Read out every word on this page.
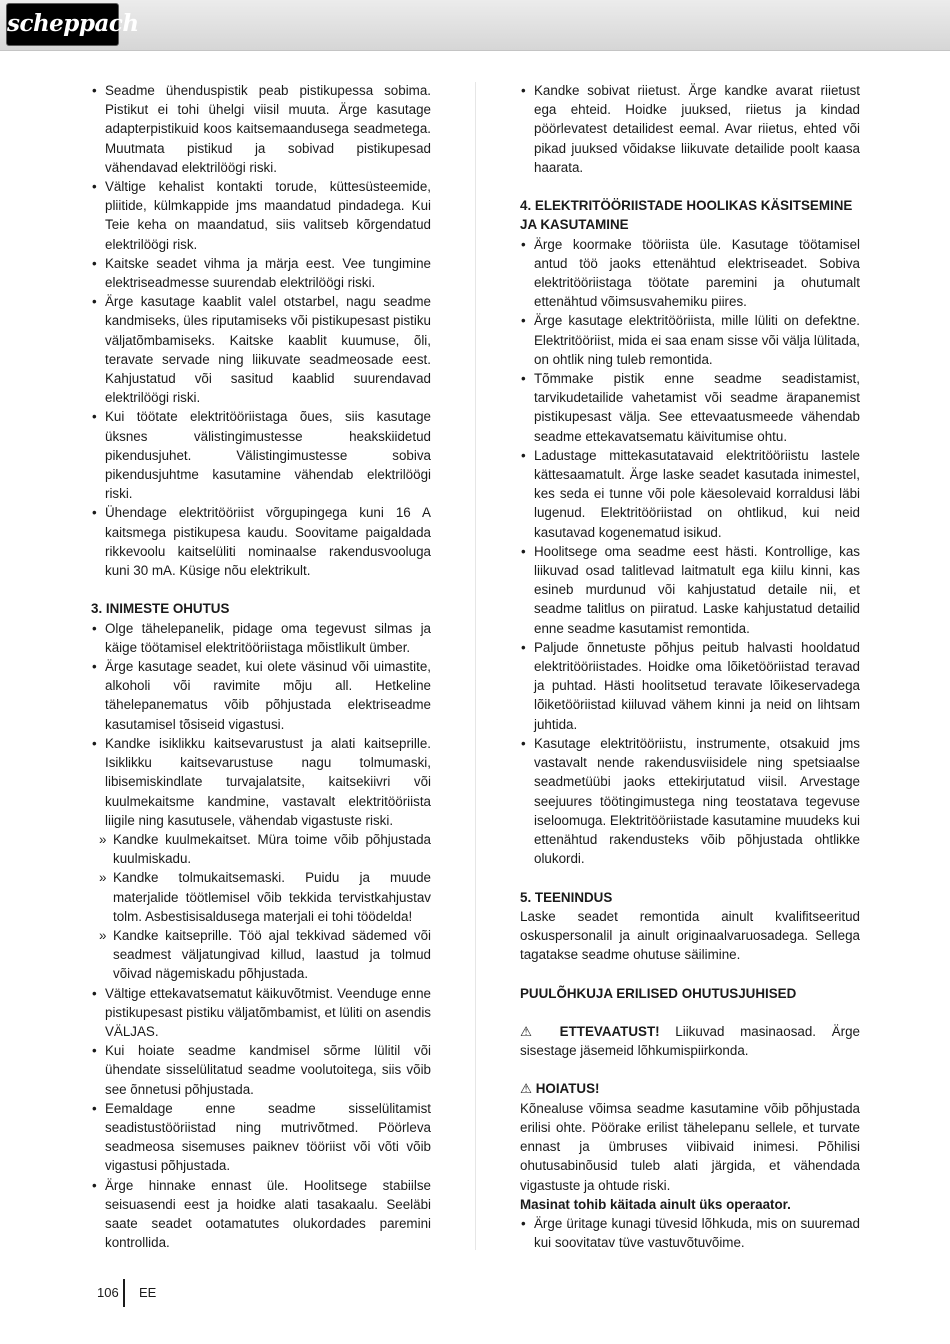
scheppach
• Seadme ühenduspistik peab pistikupessa sobima. Pistikut ei tohi ühelgi viisil muuta. Ärge kasutage adapterpistikuid koos kaitsemaandusega seadmetega. Muutmata pistikud ja sobivad pistikupesad vähendavad elektrilöögi riski.
• Vältige kehalist kontakti torude, küttesüsteemide, pliitide, külmkappide jms maandatud pindadega. Kui Teie keha on maandatud, siis valitseb kõrgendatud elektrilöögi risk.
• Kaitske seadet vihma ja märja eest. Vee tungimine elektriseadmesse suurendab elektrilöögi riski.
• Ärge kasutage kaablit valel otstarbel, nagu seadme kandmiseks, üles riputamiseks või pistikupesast pistiku väljatõmbamiseks. Kaitske kaablit kuumuse, õli, teravate servade ning liikuvate seadmeosade eest. Kahjustatud või sasitud kaablid suurendavad elektrilöögi riski.
• Kui töötate elektritööriistaga õues, siis kasutage üksnes välistingimustesse heakskiidetud pikendusjuhet. Välistingimustesse sobiva pikendusjuhtme kasutamine vähendab elektrilöögi riski.
• Ühendage elektritööriist võrgupingega kuni 16 A kaitsmega pistikupesa kaudu. Soovitame paigaldada rikkevoolu kaitselüliti nominaalse rakendusvooluga kuni 30 mA. Küsige nõu elektrikult.
3. INIMESTE OHUTUS
• Olge tähelepanelik, pidage oma tegevust silmas ja käige töötamisel elektritööriistaga mõistlikult ümber.
• Ärge kasutage seadet, kui olete väsinud või uimastite, alkoholi või ravimite mõju all. Hetkeline tähelepanematus võib põhjustada elektriseadme kasutamisel tõsiseid vigastusi.
• Kandke isiklikku kaitsevarustust ja alati kaitseprille. Isiklikku kaitsevarustuse nagu tolmumaski, libisemiskindlate turvajalatsite, kaitsekiivri või kuulmekaitsme kandmine, vastavalt elektritööriista liigile ning kasutusele, vähendab vigastuste riski.
» Kandke kuulmekaitset. Müra toime võib põhjustada kuulmiskadu.
» Kandke tolmukaitsemaski. Puidu ja muude materjalide töötlemisel võib tekkida tervistkahjustav tolm. Asbestisisaldusega materjali ei tohi töödelda!
» Kandke kaitseprille. Töö ajal tekkivad sädemed või seadmest väljatungivad killud, laastud ja tolmud võivad nägemiskadu põhjustada.
• Vältige ettekavatsematut käikuvõtmist. Veenduge enne pistikupesast pistiku väljatõmbamist, et lüliti on asendis VÄLJAS.
• Kui hoiate seadme kandmisel sõrme lülitil või ühendate sisselülitatud seadme voolutoitega, siis võib see õnnetusi põhjustada.
• Eemaldage enne seadme sisselülitamist seadistustööriistad ning mutrivõtmed. Pöörleva seadmeosa sisemuses paiknev tööriist või võti võib vigastusi põhjustada.
• Ärge hinnake ennast üle. Hoolitsege stabiilse seisuasendi eest ja hoidke alati tasakaalu. Seeläbi saate seadet ootamatutes olukordades paremini kontrollida.
• Kandke sobivat riietust. Ärge kandke avarat riietust ega ehteid. Hoidke juuksed, riietus ja kindad pöörlevatest detailidest eemal. Avar riietus, ehted või pikad juuksed võidakse liikuvate detailide poolt kaasa haarata.
4. ELEKTRITÖÖRIISTADE HOOLIKAS KÄSITSEMINE JA KASUTAMINE
• Ärge koormake tööriista üle. Kasutage töötamisel antud töö jaoks ettenähtud elektriseadet. Sobiva elektritööriistaga töötate paremini ja ohutumalt ettenähtud võimsusvahemiku piires.
• Ärge kasutage elektritööriista, mille lüliti on defektne. Elektritööriist, mida ei saa enam sisse või välja lülitada, on ohtlik ning tuleb remontida.
• Tõmmake pistik enne seadme seadistamist, tarvikudetailide vahetamist või seadme ärapanemist pistikupesast välja. See ettevaatusmeede vähendab seadme ettekavatsematu käivitumise ohtu.
• Ladustage mittekasutatavaid elektritööriistu lastele kättesaamatult. Ärge laske seadet kasutada inimestel, kes seda ei tunne või pole käesolevaid korraldusi läbi lugenud. Elektritööriistad on ohtlikud, kui neid kasutavad kogenematud isikud.
• Hoolitsege oma seadme eest hästi. Kontrollige, kas liikuvad osad talitlevad laitmatult ega kiilu kinni, kas esineb murdunud või kahjustatud detaile nii, et seadme talitlus on piiratud. Laske kahjustatud detailid enne seadme kasutamist remontida.
• Paljude õnnetuste põhjus peitub halvasti hooldatud elektritööriistades. Hoidke oma lõiketööriistad teravad ja puhtad. Hästi hoolitsetud teravate lõikeservadega lõiketööriistad kiiluvad vähem kinni ja neid on lihtsam juhtida.
• Kasutage elektritööriistu, instrumente, otsakuid jms vastavalt nende rakendusviisidele ning spetsiaalse seadmetüübi jaoks ettekirjutatud viisil. Arvestage seejuures töötingimustega ning teostatava tegevuse iseloomuga. Elektritööriistade kasutamine muudeks kui ettenähtud rakendusteks võib põhjustada ohtlikke olukordi.
5. TEENINDUS
Laske seadet remontida ainult kvalifitseeritud oskuspersonalil ja ainult originaalvaruosadega. Sellega tagatakse seadme ohutuse säilimine.
PUULÕHKUJA ERILISED OHUTUSJUHISED
⚠ ETTEVAATUST! Liikuvad masinaosad. Ärge sisestage jäsemeid lõhkumispiirkonda.
⚠ HOIATUS!
Kõnealuse võimsa seadme kasutamine võib põhjustada erilisi ohte. Pöörake erilist tähelepanu sellele, et turvate ennast ja ümbruses viibivaid inimesi. Põhilisi ohutusabinõusid tuleb alati järgida, et vähendada vigastuste ja ohtude riski.
Masinat tohib käitada ainult üks operaator.
• Ärge üritage kunagi tüvesid lõhkuda, mis on suuremad kui soovitatav tüve vastuvõtuvõime.
106 EE
